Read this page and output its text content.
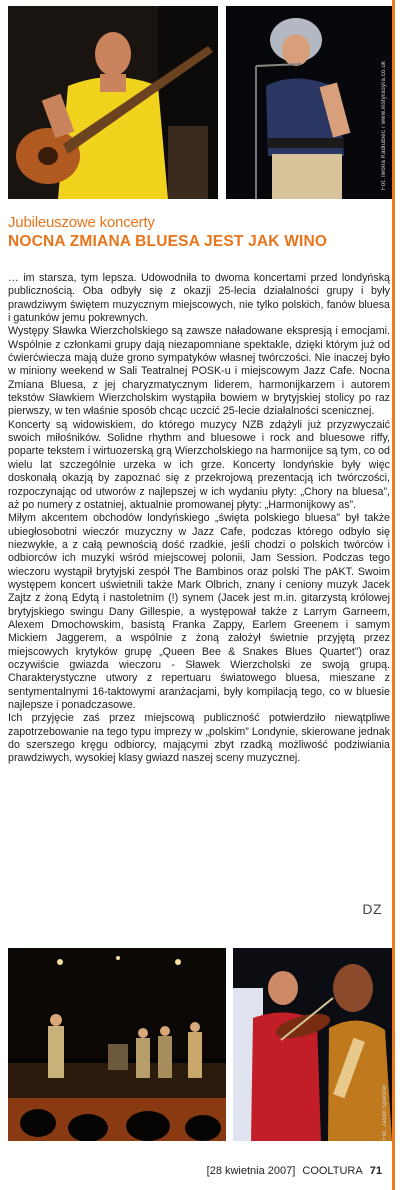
Fot. Iwona Kadłubiec / www.instyrasyra.co.uk
Jubileuszowe koncerty
NOCNA ZMIANA BLUESA JEST JAK WINO

… im starsza, tym lepsza. Udowodniła to dwoma koncertami przed londyńską publicznością. Oba odbyły się z okazji 25-lecia działalności grupy i były prawdziwym świętem muzycznym miejscowych, nie tylko polskich, fanów bluesa i gatunków jemu pokrewnych.

Występy Sławka Wierzcholskiego są zawsze naładowane ekspresją i emocjami. Wspólnie z członkami grupy dają niezapomniane spektakle, dzięki którym już od ćwierćwiecza mają duże grono sympatyków własnej twórczości. Nie inaczej było w miniony weekend w Sali Teatralnej POSK-u i miejscowym Jazz Cafe. Nocna Zmiana Bluesa, z jej charyzmatycznym liderem, harmonijkarzem i autorem tekstów Sławkiem Wierzcholskim wystąpiła bowiem w brytyjskiej stolicy po raz pierwszy, w ten właśnie sposób chcąc uczcić 25-lecie działalności scenicznej.

Koncerty są widowiskiem, do którego muzycy NZB zdążyli już przyzwyczaić swoich miłośników. Solidne rhythm and bluesowe i rock and bluesowe riffy, poparte tekstem i wirtuozerską grą Wierzcholskiego na harmonijce są tym, co od wielu lat szczególnie urzeka w ich grze. Koncerty londyńskie były więc doskonałą okazją by zapoznać się z przekrojową prezentacją ich twórczości, rozpoczynając od utworów z najlepszej w ich wydaniu płyty: „Chory na bluesa”, aż po numery z ostatniej, aktualnie promowanej płyty: „Harmonijkowy as”.

Miłym akcentem obchodów londyńskiego „święta polskiego bluesa” był także ubiegłosobotni wieczór muzyczny w Jazz Cafe, podczas którego odbyło się niezwykłe, a z całą pewnością dość rzadkie, jeśli chodzi o polskich twórców i odbiorców ich muzyki wśród miejscowej polonii, Jam Session. Podczas tego wieczoru wystąpił brytyjski zespół The Bambinos oraz polski The pAKT. Swoim występem koncert uświetnili także Mark Olbrich, znany i ceniony muzyk Jacek Zajtz z żoną Edytą i nastoletnim (!) synem (Jacek jest m.in. gitarzystą królowej brytyjskiego swingu Dany Gillespie, a występował także z Larrym Garneem, Alexem Dmochowskim, basistą Franka Zappy, Earlem Greenem i samym Mickiem Jaggerem, a wspólnie z żoną założył świetnie przyjętą przez miejscowych krytyków grupę „Queen Bee & Snakes Blues Quartet”) oraz oczywiście gwiazda wieczoru - Sławek Wierzcholski ze swoją grupą. Charakterystyczne utwory z repertuaru światowego bluesa, mieszane z sentymentalnymi 16-taktowymi aranżacjami, były kompilacją tego, co w bluesie najlepsze i ponadczasowe.

Ich przyjęcie zaś przez miejscową publiczność potwierdziło niewątpliwe zapotrzebowanie na tego typu imprezy w „polskim” Londynie, skierowane jednak do szerszego kręgu odbiorcy, mającymi zbyt rzadką możliwość podziwiania prawdziwych, wysokiej klasy gwiazd naszej sceny muzycznej.

DZ
Fot. Jason Spencer
[28 kwietnia 2007] COOLTURA 71
